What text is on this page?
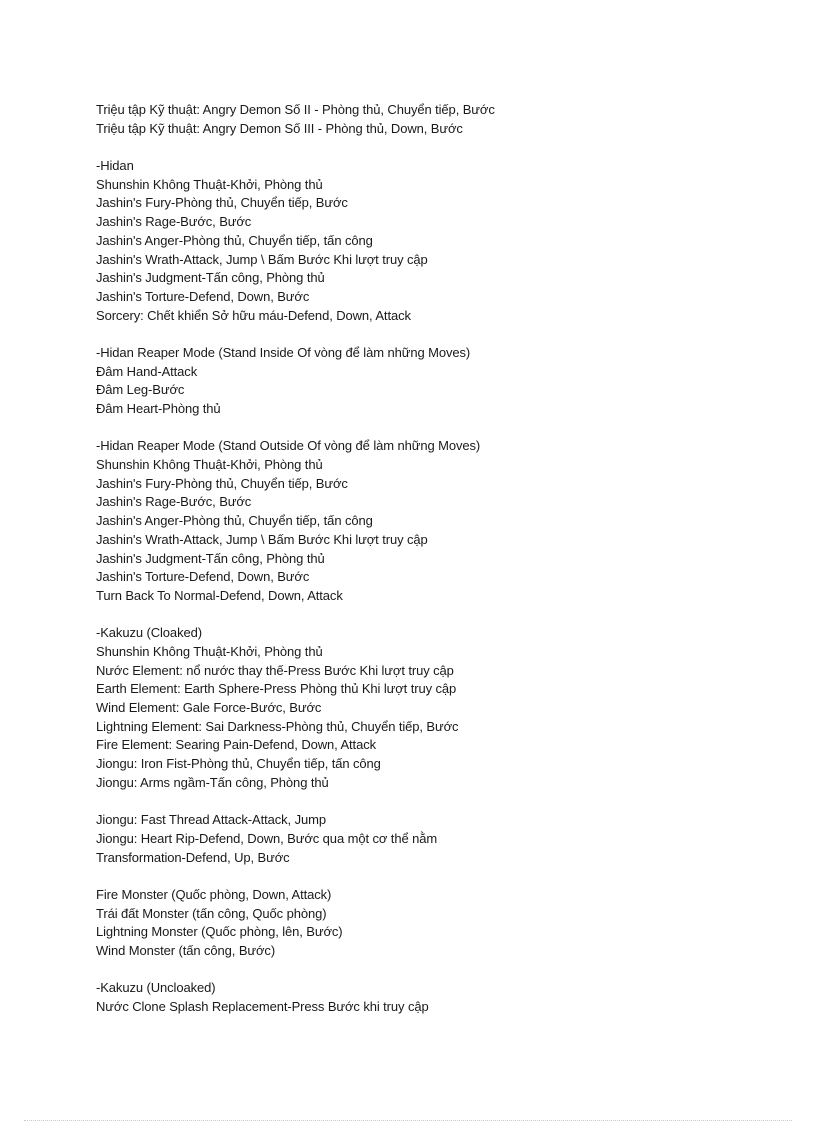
Triệu tập Kỹ thuật: Angry Demon Số II - Phòng thủ, Chuyển tiếp, Bước
Triệu tập Kỹ thuật: Angry Demon Số III - Phòng thủ, Down, Bước
-Hidan
Shunshin Không Thuật-Khởi, Phòng thủ
Jashin's Fury-Phòng thủ, Chuyển tiếp, Bước
Jashin's Rage-Bước, Bước
Jashin's Anger-Phòng thủ, Chuyển tiếp, tấn công
Jashin's Wrath-Attack, Jump \ Bấm Bước Khi lượt truy cập
Jashin's Judgment-Tấn công, Phòng thủ
Jashin's Torture-Defend, Down, Bước
Sorcery: Chết khiển Sở hữu máu-Defend, Down, Attack
-Hidan Reaper Mode (Stand Inside Of vòng để làm những Moves)
Đâm Hand-Attack
Đâm Leg-Bước
Đâm Heart-Phòng thủ
-Hidan Reaper Mode (Stand Outside Of vòng để làm những Moves)
Shunshin Không Thuật-Khởi, Phòng thủ
Jashin's Fury-Phòng thủ, Chuyển tiếp, Bước
Jashin's Rage-Bước, Bước
Jashin's Anger-Phòng thủ, Chuyển tiếp, tấn công
Jashin's Wrath-Attack, Jump \ Bấm Bước Khi lượt truy cập
Jashin's Judgment-Tấn công, Phòng thủ
Jashin's Torture-Defend, Down, Bước
Turn Back To Normal-Defend, Down, Attack
-Kakuzu (Cloaked)
Shunshin Không Thuật-Khởi, Phòng thủ
Nước Element: nổ nước thay thế-Press Bước Khi lượt truy cập
Earth Element: Earth Sphere-Press Phòng thủ Khi lượt truy cập
Wind Element: Gale Force-Bước, Bước
Lightning Element: Sai Darkness-Phòng thủ, Chuyển tiếp, Bước
Fire Element: Searing Pain-Defend, Down, Attack
Jiongu: Iron Fist-Phòng thủ, Chuyển tiếp, tấn công
Jiongu: Arms ngầm-Tấn công, Phòng thủ
Jiongu: Fast Thread Attack-Attack, Jump
Jiongu: Heart Rip-Defend, Down, Bước qua một cơ thể nằm
Transformation-Defend, Up, Bước
Fire Monster (Quốc phòng, Down, Attack)
Trái đất Monster (tấn công, Quốc phòng)
Lightning Monster (Quốc phòng, lên, Bước)
Wind Monster (tấn công, Bước)
-Kakuzu (Uncloaked)
Nước Clone Splash Replacement-Press Bước khi truy cập
